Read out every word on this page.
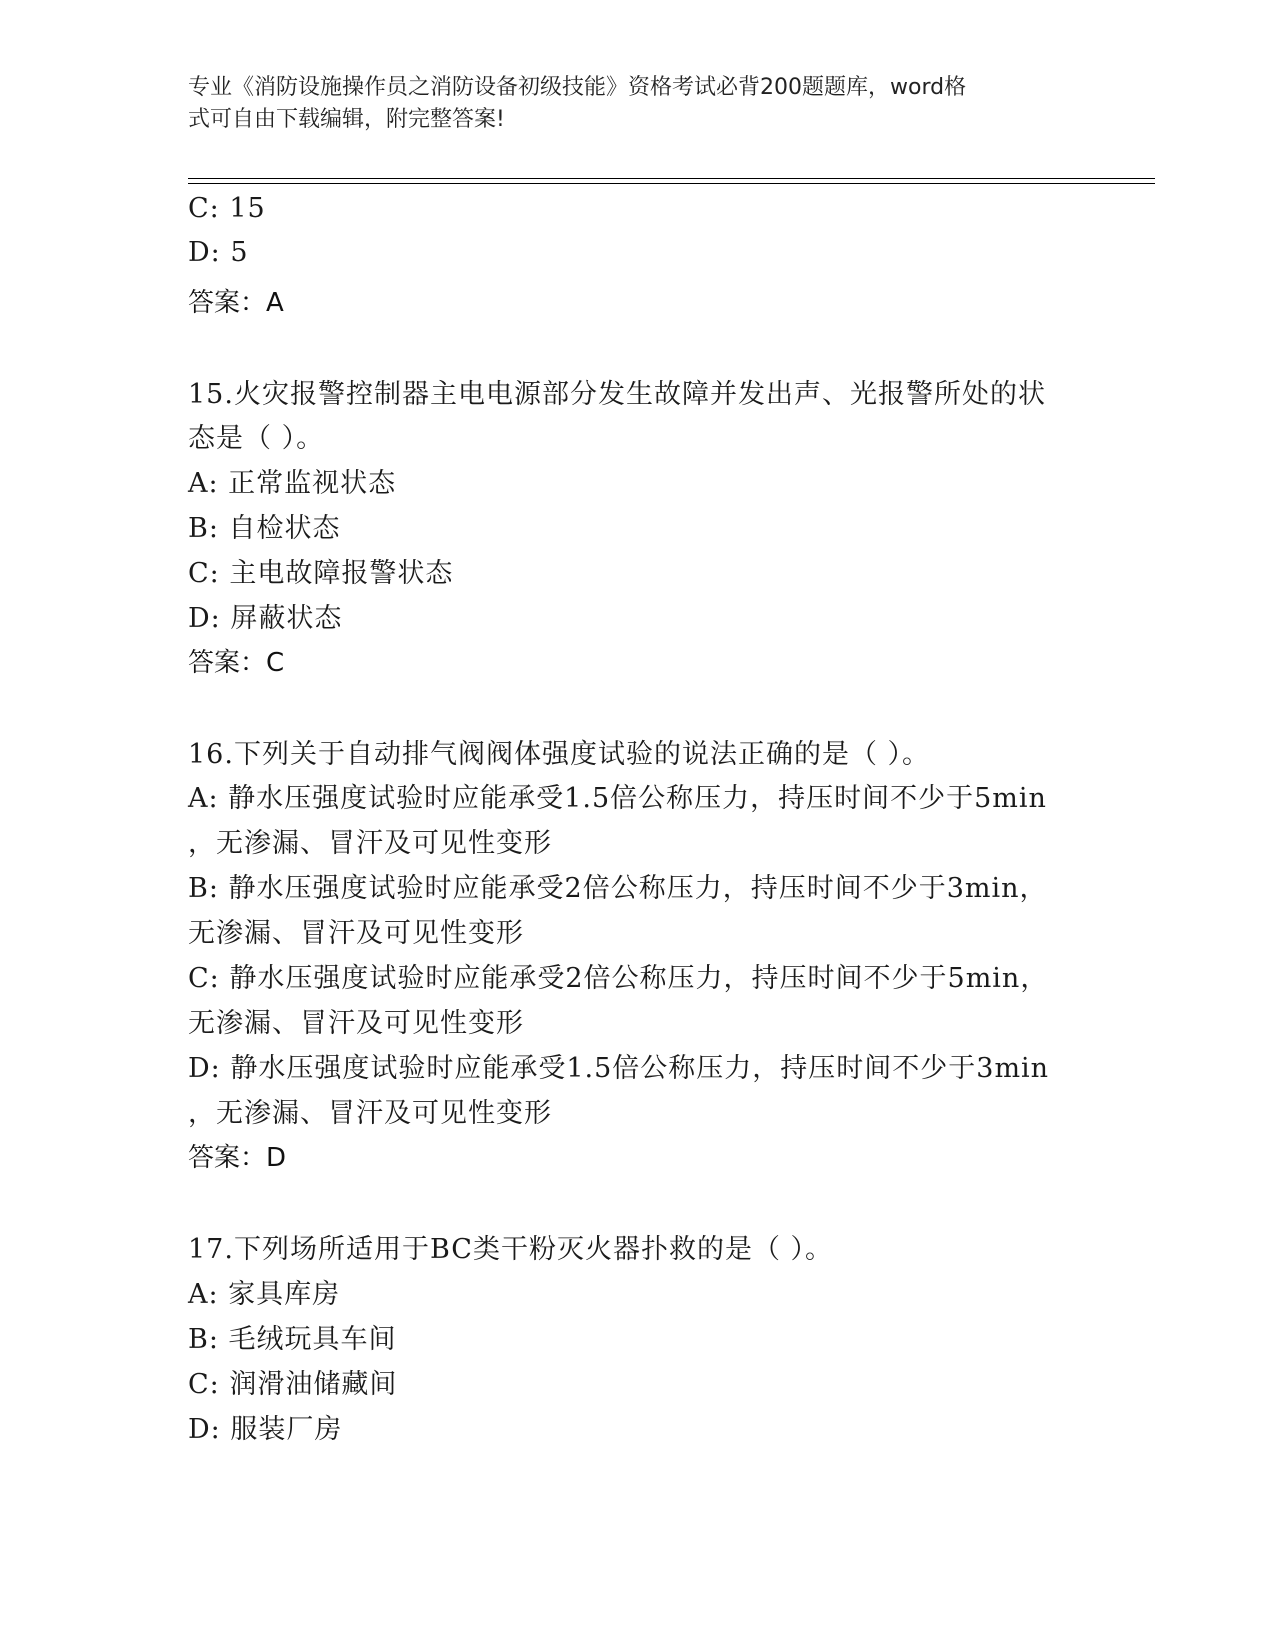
专业《消防设施操作员之消防设备初级技能》资格考试必背200题题库，word格
式可自由下载编辑，附完整答案!
C: 15
D: 5
答案：A
15.火灾报警控制器主电电源部分发生故障并发出声、光报警所处的状
态是（ ）。
A: 正常监视状态
B: 自检状态
C: 主电故障报警状态
D: 屏蔽状态
答案：C
16.下列关于自动排气阀阀体强度试验的说法正确的是（ ）。
A: 静水压强度试验时应能承受1.5倍公称压力，持压时间不少于5min
，无渗漏、冒汗及可见性变形
B: 静水压强度试验时应能承受2倍公称压力，持压时间不少于3min，
无渗漏、冒汗及可见性变形
C: 静水压强度试验时应能承受2倍公称压力，持压时间不少于5min，
无渗漏、冒汗及可见性变形
D: 静水压强度试验时应能承受1.5倍公称压力，持压时间不少于3min
，无渗漏、冒汗及可见性变形
答案：D
17.下列场所适用于BC类干粉灭火器扑救的是（ ）。
A: 家具库房
B: 毛绒玩具车间
C: 润滑油储藏间
D: 服装厂房
